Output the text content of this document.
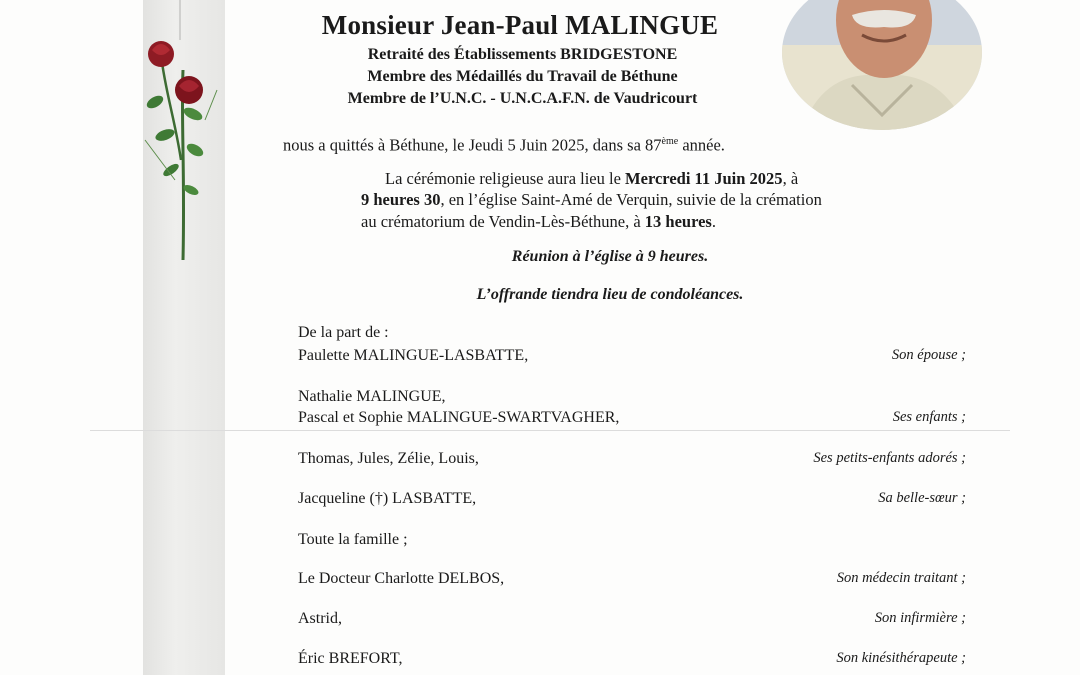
Monsieur Jean-Paul MALINGUE
Retraité des Établissements BRIDGESTONE
Membre des Médaillés du Travail de Béthune
Membre de l’U.N.C. - U.N.C.A.F.N. de Vaudricourt
nous a quittés à Béthune, le Jeudi 5 Juin 2025, dans sa 87ème année.
La cérémonie religieuse aura lieu le Mercredi 11 Juin 2025, à
9 heures 30, en l’église Saint-Amé de Verquin, suivie de la crémation
au crématorium de Vendin-Lès-Béthune, à 13 heures.
Réunion à l’église à 9 heures.
L’offrande tiendra lieu de condoléances.
De la part de :
Paulette MALINGUE-LASBATTE,	Son épouse ;
Nathalie MALINGUE,
Pascal et Sophie MALINGUE-SWARTVAGHER,	Ses enfants ;
Thomas, Jules, Zélie, Louis,	Ses petits-enfants adorés ;
Jacqueline (†) LASBATTE,	Sa belle-sœur ;
Toute la famille ;
Le Docteur Charlotte DELBOS,	Son médecin traitant ;
Astrid,	Son infirmière ;
Éric BREFORT,	Son kinésithérapeute ;
